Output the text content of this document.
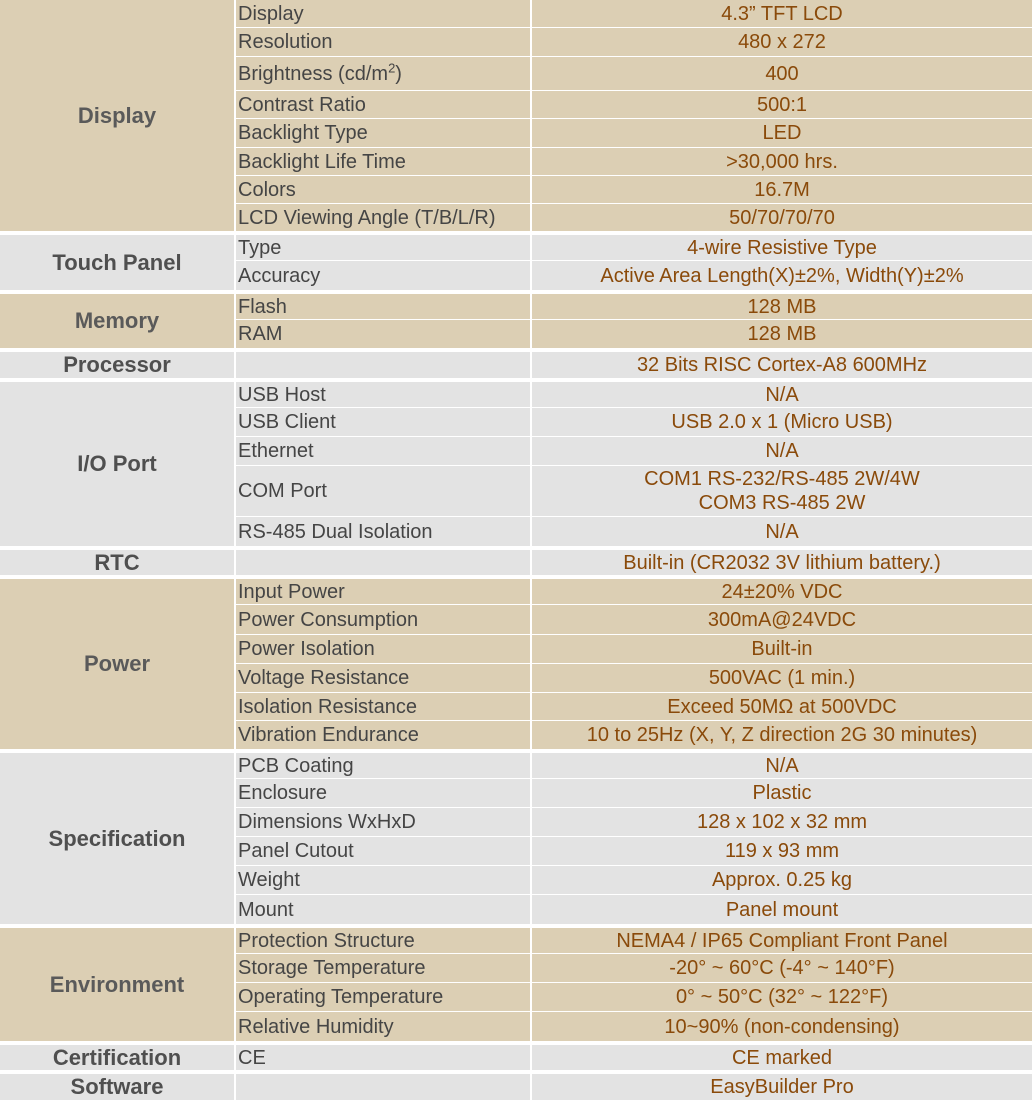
Display	Display	4.3” TFT LCD
	Resolution	480 x 272
	Brightness $(cd/m^2)$	400
	Contrast Ratio	500:1
	Backlight Type	LED
	Backlight Life Time	>30,000 hrs.
	Colors	16.7M
	LCD Viewing Angle (T/B/L/R)	50/70/70/70
Touch Panel	Type	4-wire Resistive Type
	Accuracy	Active Area Length(X)±2%, Width(Y)±2%
Memory	Flash	128 MB
	RAM	128 MB
Processor		32 Bits RISC Cortex-A8 600MHz
I/O Port	USB Host	N/A
	USB Client	USB 2.0 x 1 (Micro USB)
	Ethernet	N/A
	COM Port	COM1 RS-232/RS-485 2W/4W
COM3 RS-485 2W

	RS-485 Dual Isolation	N/A
RTC		Built-in (CR2032 3V lithium battery.)
Power	Input Power	24±20% VDC
	Power Consumption	300mA@24VDC
	Power Isolation	Built-in
	Voltage Resistance	500VAC (1 min.)
	Isolation Resistance	Exceed 50MΩ at 500VDC
	Vibration Endurance	10 to 25Hz (X, Y, Z direction 2G 30 minutes)
Specification	PCB Coating	N/A
	Enclosure	Plastic
	Dimensions WxHxD	128 x 102 x 32 mm
	Panel Cutout	119 x 93 mm
	Weight	Approx. 0.25 kg
	Mount	Panel mount
Environment	Protection Structure	NEMA4 / IP65 Compliant Front Panel
	Storage Temperature	-20° ~ 60°C (-4° ~ 140°F)
	Operating Temperature	0° ~ 50°C (32° ~ 122°F)
	Relative Humidity	10~90% (non-condensing)
Certification	CE	CE marked
Software		EasyBuilder Pro
